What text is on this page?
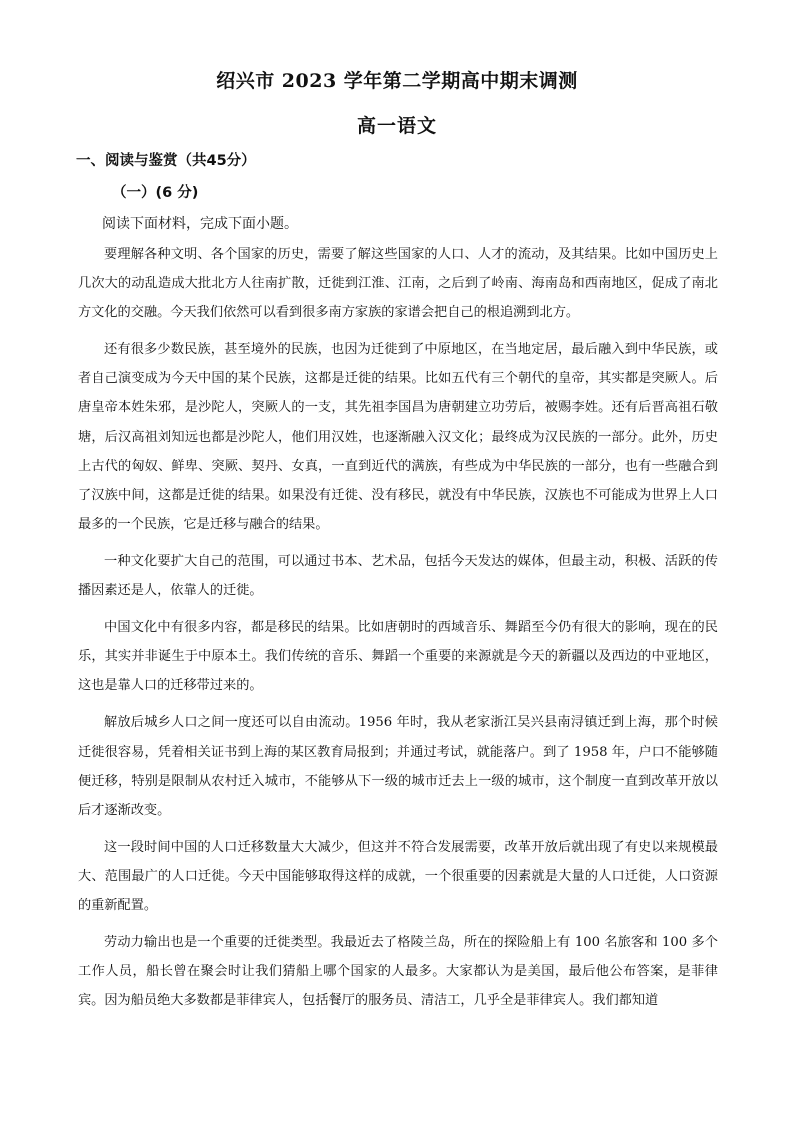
绍兴市 2023 学年第二学期高中期末调测
高一语文
一、阅读与鉴赏（共45分）
（一）(6 分)
阅读下面材料，完成下面小题。

要理解各种文明、各个国家的历史，需要了解这些国家的人口、人才的流动，及其结果。比如中国历史上几次大的动乱造成大批北方人往南扩散，迁徙到江淮、江南，之后到了岭南、海南岛和西南地区，促成了南北方文化的交融。今天我们依然可以看到很多南方家族的家谱会把自己的根追溯到北方。

还有很多少数民族，甚至境外的民族，也因为迁徙到了中原地区，在当地定居，最后融入到中华民族，或者自己演变成为今天中国的某个民族，这都是迁徙的结果。比如五代有三个朝代的皇帝，其实都是突厥人。后唐皇帝本姓朱邪，是沙陀人，突厥人的一支，其先祖李国昌为唐朝建立功劳后，被赐李姓。还有后晋高祖石敬塘，后汉高祖刘知远也都是沙陀人，他们用汉姓，也逐渐融入汉文化；最终成为汉民族的一部分。此外，历史上古代的匈奴、鲜卑、突厥、契丹、女真，一直到近代的满族，有些成为中华民族的一部分，也有一些融合到了汉族中间，这都是迁徙的结果。如果没有迁徙、没有移民，就没有中华民族，汉族也不可能成为世界上人口最多的一个民族，它是迁移与融合的结果。

一种文化要扩大自己的范围，可以通过书本、艺术品，包括今天发达的媒体，但最主动，积极、活跃的传播因素还是人，依靠人的迁徙。

中国文化中有很多内容，都是移民的结果。比如唐朝时的西域音乐、舞蹈至今仍有很大的影响，现在的民乐，其实并非诞生于中原本土。我们传统的音乐、舞蹈一个重要的来源就是今天的新疆以及西边的中亚地区，这也是靠人口的迁移带过来的。

解放后城乡人口之间一度还可以自由流动。1956 年时，我从老家浙江吴兴县南浔镇迁到上海，那个时候迁徙很容易，凭着相关证书到上海的某区教育局报到；并通过考试，就能落户。到了 1958 年，户口不能够随便迁移，特别是限制从农村迁入城市，不能够从下一级的城市迁去上一级的城市，这个制度一直到改革开放以后才逐渐改变。

这一段时间中国的人口迁移数量大大减少，但这并不符合发展需要，改革开放后就出现了有史以来规模最大、范围最广的人口迁徙。今天中国能够取得这样的成就，一个很重要的因素就是大量的人口迁徙，人口资源的重新配置。

劳动力输出也是一个重要的迁徙类型。我最近去了格陵兰岛，所在的探险船上有 100 名旅客和 100 多个工作人员，船长曾在聚会时让我们猜船上哪个国家的人最多。大家都认为是美国，最后他公布答案，是菲律宾。因为船员绝大多数都是菲律宾人，包括餐厅的服务员、清洁工，几乎全是菲律宾人。我们都知道
